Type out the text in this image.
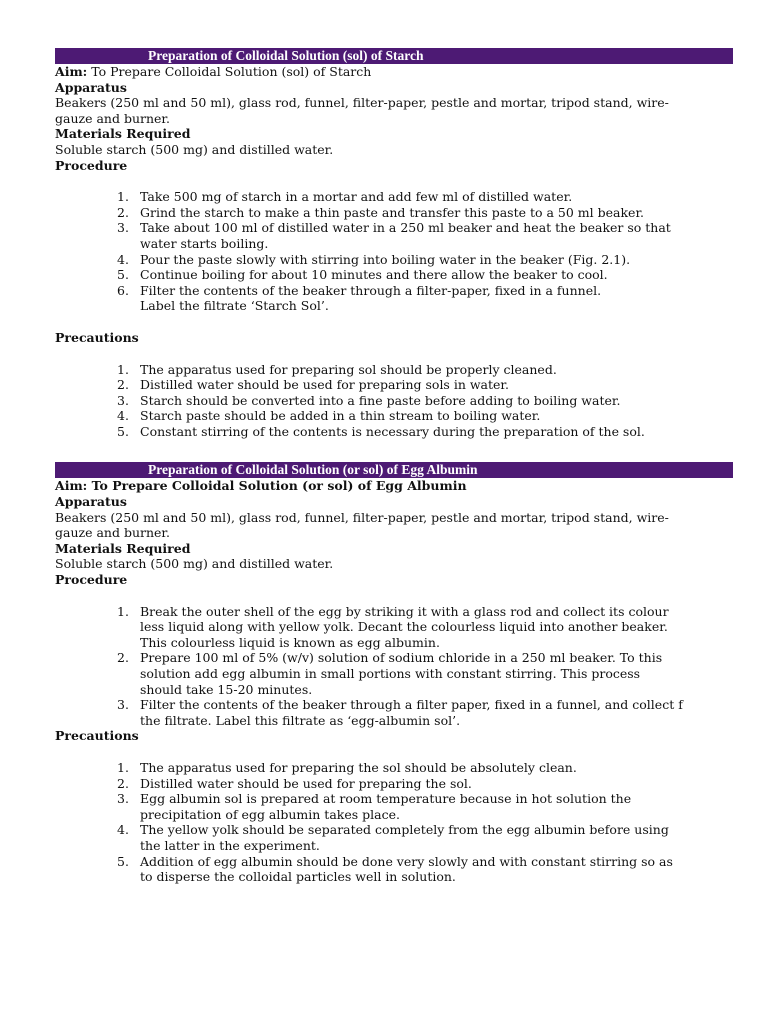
Preparation of Colloidal Solution (sol) of Starch
Aim: To Prepare Colloidal Solution (sol) of Starch
Apparatus
Beakers (250 ml and 50 ml), glass rod, funnel, filter-paper, pestle and mortar, tripod stand, wire-
gauze and burner.
Materials Required
Soluble starch (500 mg) and distilled water.
Procedure
1. Take 500 mg of starch in a mortar and add few ml of distilled water.
2. Grind the starch to make a thin paste and transfer this paste to a 50 ml beaker.
3. Take about 100 ml of distilled water in a 250 ml beaker and heat the beaker so that
water starts boiling.
4. Pour the paste slowly with stirring into boiling water in the beaker (Fig. 2.1).
5. Continue boiling for about 10 minutes and there allow the beaker to cool.
6. Filter the contents of the beaker through a filter-paper, fixed in a funnel.
Label the filtrate ‘Starch Sol’.
Precautions
1. The apparatus used for preparing sol should be properly cleaned.
2. Distilled water should be used for preparing sols in water.
3. Starch should be converted into a fine paste before adding to boiling water.
4. Starch paste should be added in a thin stream to boiling water.
5. Constant stirring of the contents is necessary during the preparation of the sol.
Preparation of Colloidal Solution (or sol) of Egg Albumin
Aim: To Prepare Colloidal Solution (or sol) of Egg Albumin
Apparatus
Beakers (250 ml and 50 ml), glass rod, funnel, filter-paper, pestle and mortar, tripod stand, wire-
gauze and burner.
Materials Required
Soluble starch (500 mg) and distilled water.
Procedure
1. Break the outer shell of the egg by striking it with a glass rod and collect its colour
less liquid along with yellow yolk. Decant the colourless liquid into another beaker.
This colourless liquid is known as egg albumin.
2. Prepare 100 ml of 5% (w/v) solution of sodium chloride in a 250 ml beaker. To this
solution add egg albumin in small portions with constant stirring. This process
should take 15-20 minutes.
3. Filter the contents of the beaker through a filter paper, fixed in a funnel, and collect f
the filtrate. Label this filtrate as ‘egg-albumin sol’.
Precautions
1. The apparatus used for preparing the sol should be absolutely clean.
2. Distilled water should be used for preparing the sol.
3. Egg albumin sol is prepared at room temperature because in hot solution the
precipitation of egg albumin takes place.
4. The yellow yolk should be separated completely from the egg albumin before using
the latter in the experiment.
5. Addition of egg albumin should be done very slowly and with constant stirring so as
to disperse the colloidal particles well in solution.
